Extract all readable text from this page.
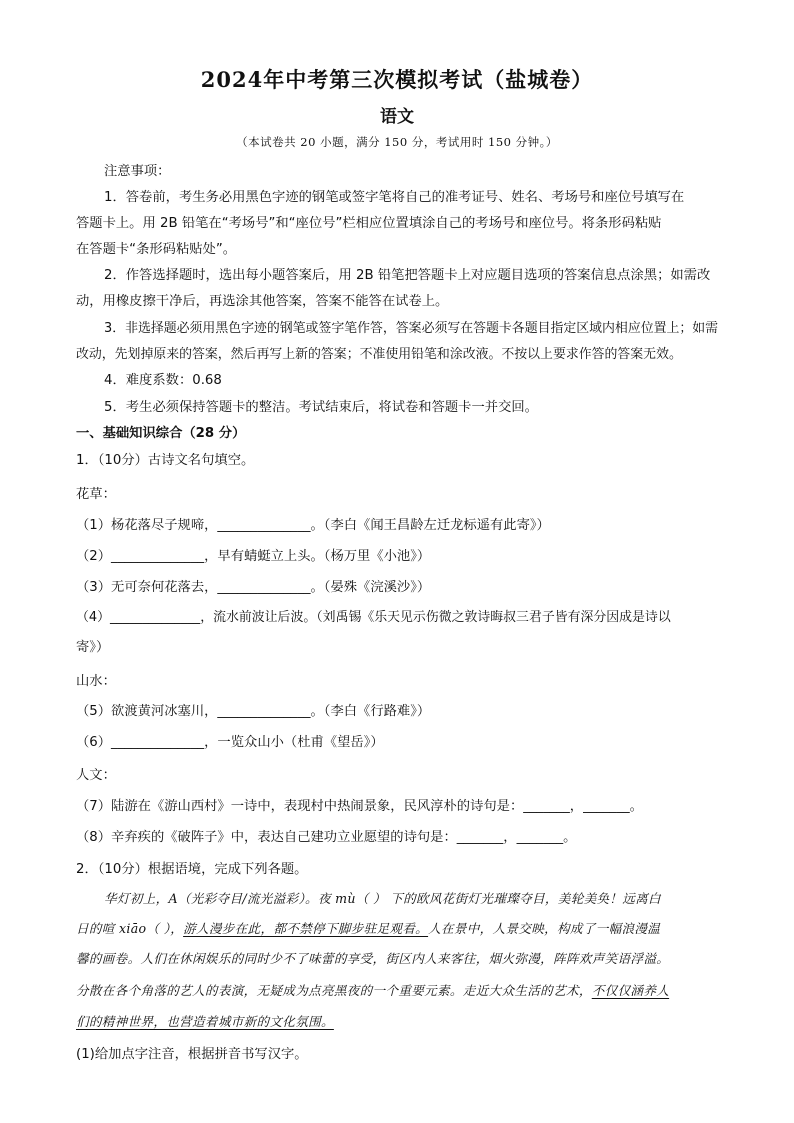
2024年中考第三次模拟考试（盐城卷）
语文
（本试卷共 20 小题，满分 150 分，考试用时 150 分钟。）
注意事项：
1．答卷前，考生务必用黑色字迹的钢笔或签字笔将自己的准考证号、姓名、考场号和座位号填写在
答题卡上。用 2B 铅笔在“考场号”和“座位号”栏相应位置填涂自己的考场号和座位号。将条形码粘贴
在答题卡“条形码粘贴处”。
2．作答选择题时，选出每小题答案后，用 2B 铅笔把答题卡上对应题目选项的答案信息点涂黑；如需改
动，用橡皮擦干净后，再选涂其他答案，答案不能答在试卷上。
3．非选择题必须用黑色字迹的钢笔或签字笔作答，答案必须写在答题卡各题目指定区域内相应位置上；如需
改动，先划掉原来的答案，然后再写上新的答案；不准使用铅笔和涂改液。不按以上要求作答的答案无效。
4．难度系数：0.68
5．考生必须保持答题卡的整洁。考试结束后，将试卷和答题卡一并交回。
一、基础知识综合（28 分）
1．（10分）古诗文名句填空。
花草：
（1）杨花落尽子规啼，______________。（李白《闻王昌龄左迁龙标遥有此寄》）
（2）______________，早有蜻蜓立上头。（杨万里《小池》）
（3）无可奈何花落去，______________。（晏殊《浣溪沙》）
（4）______________，流水前波让后波。（刘禹锡《乐天见示伤微之敦诗晦叔三君子皆有深分因成是诗以
寄》）
山水：
（5）欲渡黄河冰塞川，______________。（李白《行路难》）
（6）______________，一览众山小（杜甫《望岳》）
人文：
（7）陆游在《游山西村》一诗中，表现村中热闹景象，民风淳朴的诗句是：_______，_______。
（8）辛弃疾的《破阵子》中，表达自己建功立业愿望的诗句是：_______，_______。
2．（10分）根据语境，完成下列各题。
华灯初上，A（光彩夺目/流光溢彩）。夜 mù（ ） 下的欧风花街灯光璀璨夺目，美轮美奂！远离白
日的喧 xiāo（ ），游人漫步在此，都不禁停下脚步驻足观看。人在景中，人景交映，构成了一幅浪漫温
馨的画卷。人们在休闲娱乐的同时少不了味蕾的享受，街区内人来客往，烟火弥漫，阵阵欢声笑语浮溢。
分散在各个角落的艺人的表演，无疑成为点亮黑夜的一个重要元素。走近大众生活的艺术，不仅仅涵养人
们的精神世界，也营造着城市新的文化氛围。
(1)给加点字注音，根据拼音书写汉字。
